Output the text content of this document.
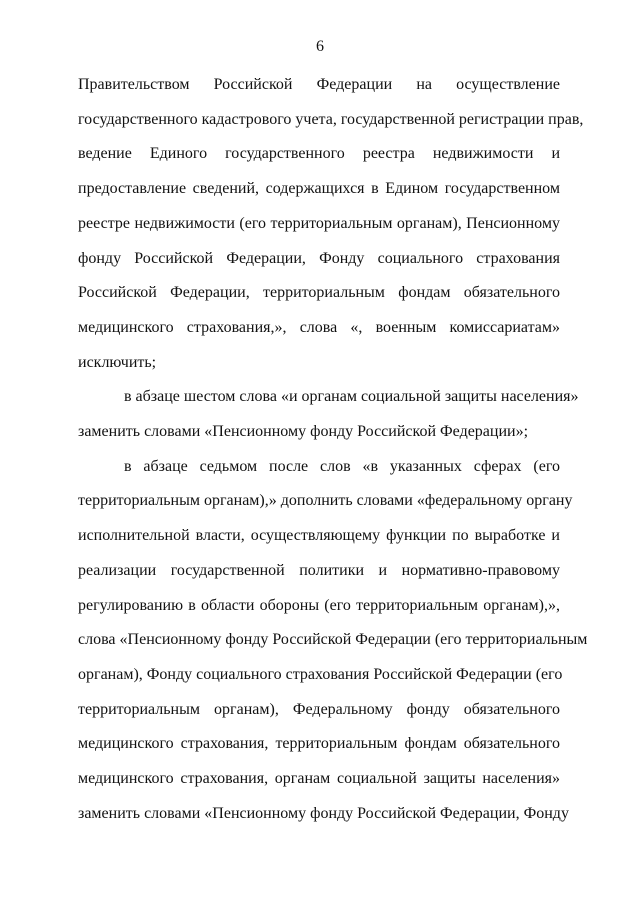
6

Правительством Российской Федерации на осуществление
государственного кадастрового учета, государственной регистрации прав,
ведение Единого государственного реестра недвижимости и
предоставление сведений, содержащихся в Едином государственном
реестре недвижимости (его территориальным органам), Пенсионному
фонду Российской Федерации, Фонду социального страхования
Российской Федерации, территориальным фондам обязательного
медицинского страхования,», слова «, военным комиссариатам»
исключить;

в абзаце шестом слова «и органам социальной защиты населения»
заменить словами «Пенсионному фонду Российской Федерации»;

в абзаце седьмом после слов «в указанных сферах (его
территориальным органам),» дополнить словами «федеральному органу
исполнительной власти, осуществляющему функции по выработке и
реализации государственной политики и нормативно-правовому
регулированию в области обороны (его территориальным органам),»,
слова «Пенсионному фонду Российской Федерации (его территориальным
органам), Фонду социального страхования Российской Федерации (его
территориальным органам), Федеральному фонду обязательного
медицинского страхования, территориальным фондам обязательного
медицинского страхования, органам социальной защиты населения»
заменить словами «Пенсионному фонду Российской Федерации, Фонду
